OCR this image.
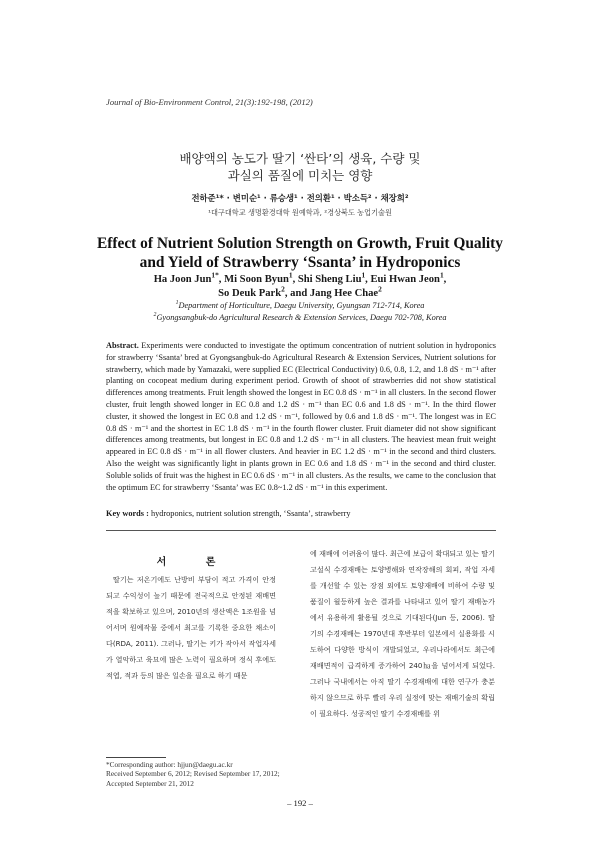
Journal of Bio-Environment Control, 21(3):192-198, (2012)
배양액의 농도가 딸기 ‘싼타’의 생육, 수량 및
과실의 품질에 미치는 영향
전하준¹* · 변미순¹ · 류승생¹ · 전의환¹ · 박소득² · 채장희²
¹대구대학교 생명환경대학 원예학과, ²경상북도 농업기술원
Effect of Nutrient Solution Strength on Growth, Fruit Quality
and Yield of Strawberry ‘Ssanta’ in Hydroponics
Ha Joon Jun$^{1*}$, Mi Soon Byun$^1$, Shi Sheng Liu$^1$, Eui Hwan Jeon$^1$,
So Deuk Park$^2$, and Jang Hee Chae$^2$
$^1$Department of Horticulture, Daegu University, Gyungsan 712-714, Korea
$^2$Gyongsangbuk-do Agricultural Research & Extension Services, Daegu 702-708, Korea

Abstract. Experiments were conducted to investigate the optimum concentration of nutrient solution in hydroponics for strawberry ‘Ssanta’ bred at Gyongsangbuk-do Agricultural Research & Extension Services, Nutrient solutions for strawberry, which made by Yamazaki, were supplied EC (Electrical Conductivity) 0.6, 0.8, 1.2, and 1.8 dS · m⁻¹ after planting on cocopeat medium during experiment period. Growth of shoot of strawberries did not show statistical differences among treatments. Fruit length showed the longest in EC 0.8 dS · m⁻¹ in all clusters. In the second flower cluster, fruit length showed longer in EC 0.8 and 1.2 dS · m⁻¹ than EC 0.6 and 1.8 dS · m⁻¹. In the third flower cluster, it showed the longest in EC 0.8 and 1.2 dS · m⁻¹, followed by 0.6 and 1.8 dS · m⁻¹. The longest was in EC 0.8 dS · m⁻¹ and the shortest in EC 1.8 dS · m⁻¹ in the fourth flower cluster. Fruit diameter did not show significant differences among treatments, but longest in EC 0.8 and 1.2 dS · m⁻¹ in all clusters. The heaviest mean fruit weight appeared in EC 0.8 dS · m⁻¹ in all flower clusters. And heavier in EC 1.2 dS · m⁻¹ in the second and third clusters. Also the weight was significantly light in plants grown in EC 0.6 and 1.8 dS · m⁻¹ in the second and third cluster. Soluble solids of fruit was the highest in EC 0.6 dS · m⁻¹ in all clusters. As the results, we came to the conclusion that the optimum EC for strawberry ‘Ssanta’ was EC 0.8~1.2 dS · m⁻¹ in this experiment.

Key words : hydroponics, nutrient solution strength, ‘Ssanta’, strawberry
서 론

딸기는 저온기에도 난방비 부담이 적고 가격이 안정되고 수익성이 높기 때문에 전국적으로 안정된 재배면적을 확보하고 있으며, 2010년의 생산액은 1조원을 넘어서며 원예작물 중에서 최고를 기록한 중요한 채소이다(RDA, 2011). 그러나, 딸기는 키가 작아서 작업자세가 열악하고 육묘에 많은 노력이 필요하며 정식 후에도 적엽, 적과 등의 많은 일손을 필요로 하기 때문

에 재배에 어려움이 많다. 최근에 보급이 확대되고 있는 딸기고설식 수경재배는 토양병해와 연작장해의 회피, 작업 자세를 개선할 수 있는 장점 외에도 토양재배에 비하여 수량 및 품질이 월등하게 높은 결과를 나타내고 있어 딸기 재배농가에서 유용하게 활용될 것으로 기대된다(Jun 등, 2006). 딸기의 수경재배는 1970년대 후반부터 일본에서 실용화를 시도하여 다양한 방식이 개발되었고, 우리나라에서도 최근에 재배면적이 급격하게 증가하여 240㏊을 넘어서게 되었다. 그러나 국내에서는 아직 딸기 수경재배에 대한 연구가 충분하지 않으므로 하루 빨리 우리 실정에 맞는 재배기술의 확립이 필요하다. 성공적인 딸기 수경재배를 위

*Corresponding author: hjjun@daegu.ac.kr
Received September 6, 2012; Revised September 17, 2012;
Accepted September 21, 2012
– 192 –
